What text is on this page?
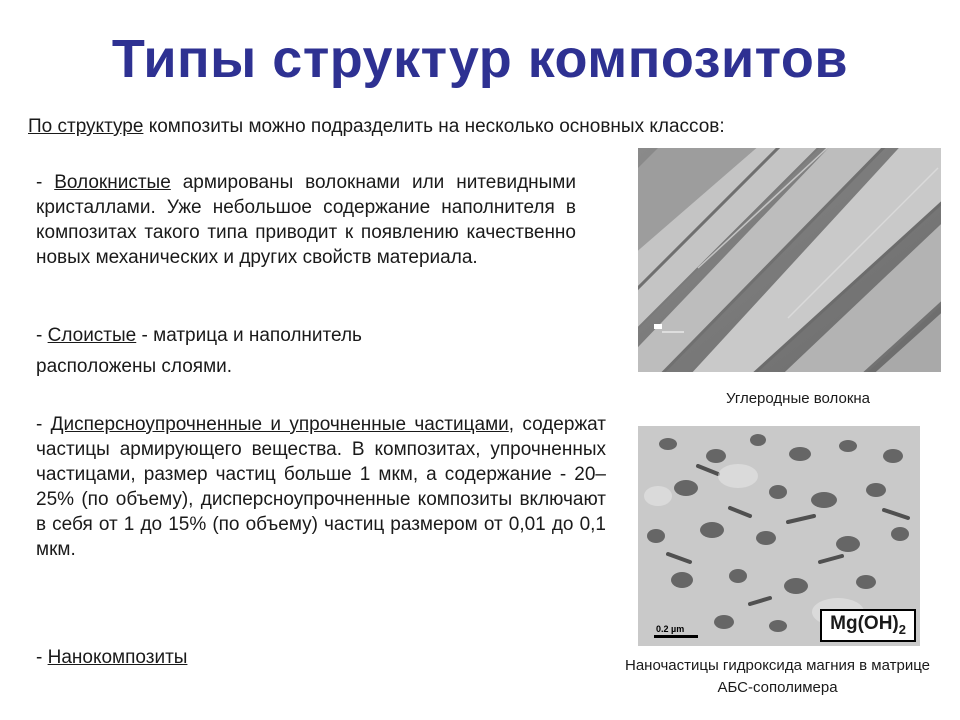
Типы структур композитов
По структуре композиты можно подразделить на несколько основных классов:
- Волокнистые армированы волокнами или нитевидными кристаллами. Уже небольшое содержание наполнителя в композитах такого типа приводит к появлению качественно новых механических и других свойств материала.
- Слоистые - матрица и наполнитель расположены слоями.
- Дисперсноупрочненные и упрочненные частицами, содержат частицы армирующего вещества. В композитах, упрочненных частицами, размер частиц больше 1 мкм, а содержание - 20–25% (по объему), дисперсноупрочненные композиты включают в себя от 1 до 15% (по объему) частиц размером от 0,01 до 0,1 мкм.
- Нанокомпозиты
Углеродные волокна
0.2 µm	$Mg(OH)_2$
Наночастицы гидроксида магния в матрице АБС-сополимера
